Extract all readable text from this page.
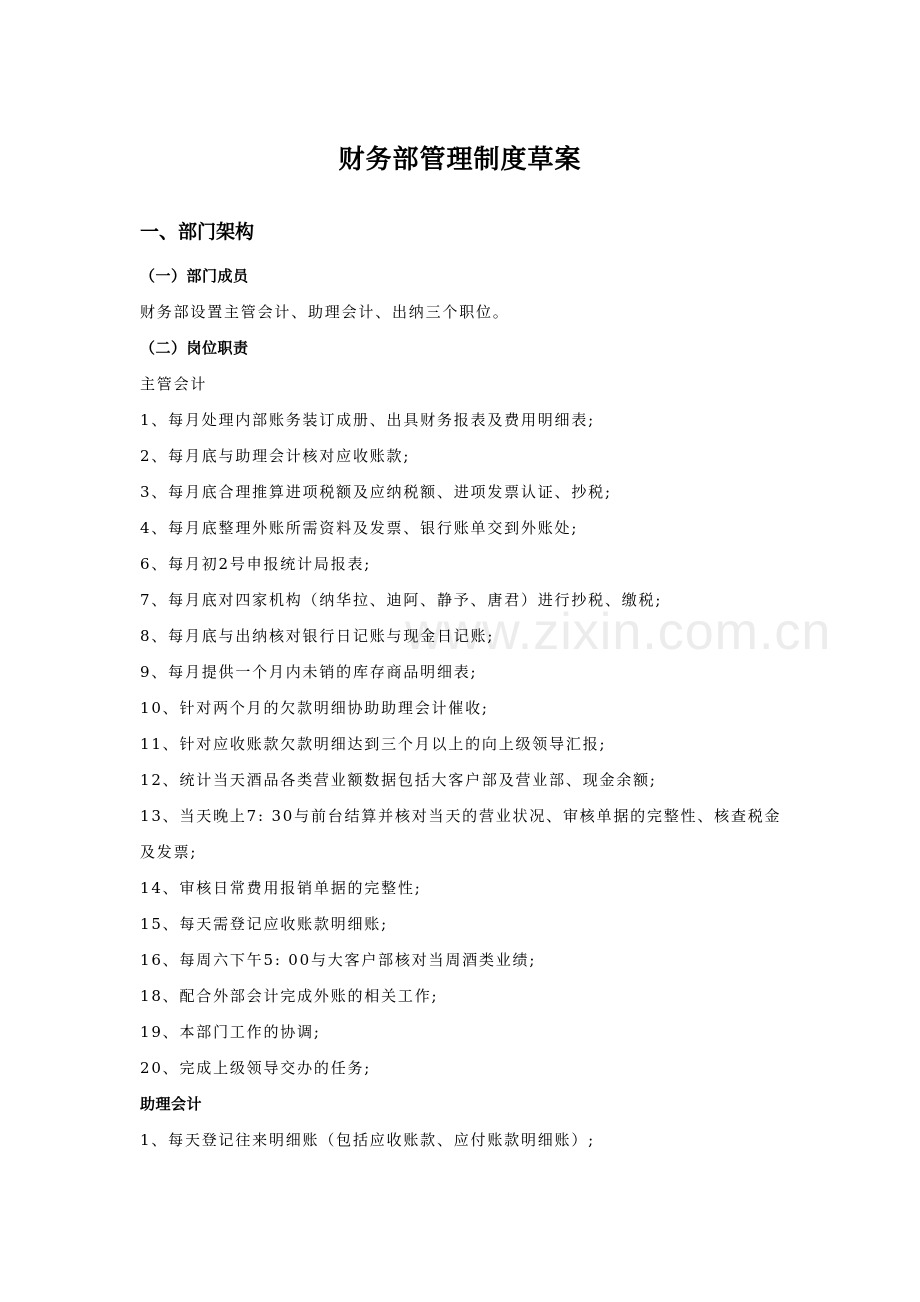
www.zixin.com.cn
财务部管理制度草案
一、部门架构
（一）部门成员
财务部设置主管会计、助理会计、出纳三个职位。
（二）岗位职责
主管会计
1、每月处理内部账务装订成册、出具财务报表及费用明细表;
2、每月底与助理会计核对应收账款;
3、每月底合理推算进项税额及应纳税额、进项发票认证、抄税;
4、每月底整理外账所需资料及发票、银行账单交到外账处;
6、每月初2号申报统计局报表;
7、每月底对四家机构（纳华拉、迪阿、静予、唐君）进行抄税、缴税;
8、每月底与出纳核对银行日记账与现金日记账;
9、每月提供一个月内未销的库存商品明细表;
10、针对两个月的欠款明细协助助理会计催收;
11、针对应收账款欠款明细达到三个月以上的向上级领导汇报;
12、统计当天酒品各类营业额数据包括大客户部及营业部、现金余额;
13、当天晚上7: 30与前台结算并核对当天的营业状况、审核单据的完整性、核查税金及发票;
14、审核日常费用报销单据的完整性;
15、每天需登记应收账款明细账;
16、每周六下午5: 00与大客户部核对当周酒类业绩;
18、配合外部会计完成外账的相关工作;
19、本部门工作的协调;
20、完成上级领导交办的任务;
助理会计
1、每天登记往来明细账（包括应收账款、应付账款明细账）;
